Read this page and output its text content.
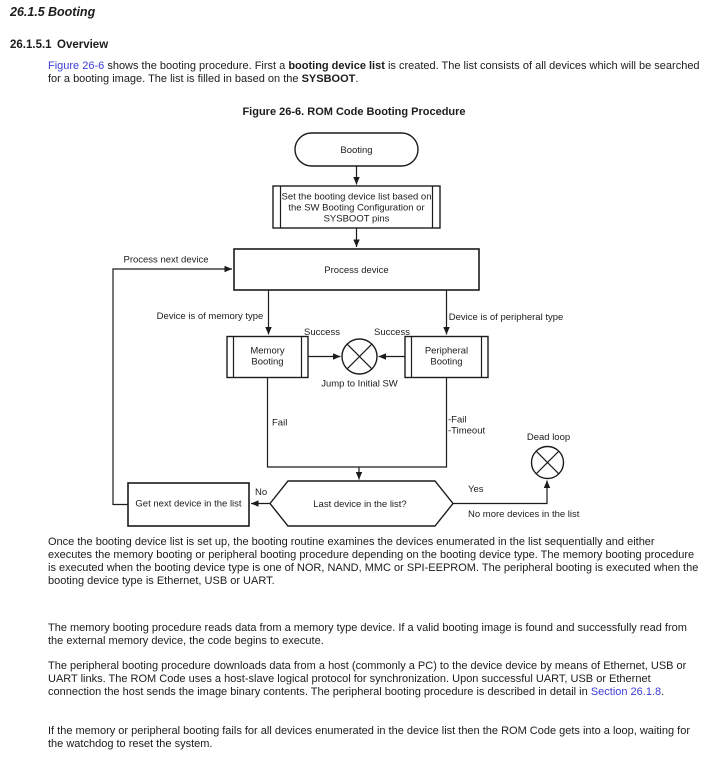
26.1.5 Booting
26.1.5.1 Overview
Figure 26-6 shows the booting procedure. First a booting device list is created. The list consists of all devices which will be searched for a booting image. The list is filled in based on the SYSBOOT.
Figure 26-6. ROM Code Booting Procedure
Booting
Set the booting device list based on
the SW Booting Configuration or
SYSBOOT pins
Process device
Memory
Booting
Peripheral
Booting
Last device in the list?
Get next device in the list
Process next device
Device is of memory type	Device is of peripheral type
Success	Success
Jump to Initial SW
Fail	-Fail
-Timeout
Dead loop
No	Yes
No more devices in the list
Once the booting device list is set up, the booting routine examines the devices enumerated in the list sequentially and either executes the memory booting or peripheral booting procedure depending on the booting device type. The memory booting procedure is executed when the booting device type is one of NOR, NAND, MMC or SPI-EEPROM. The peripheral booting is executed when the booting device type is Ethernet, USB or UART.
The memory booting procedure reads data from a memory type device. If a valid booting image is found and successfully read from the external memory device, the code begins to execute.
The peripheral booting procedure downloads data from a host (commonly a PC) to the device device by means of Ethernet, USB or UART links. The ROM Code uses a host-slave logical protocol for synchronization. Upon successful UART, USB or Ethernet connection the host sends the image binary contents. The peripheral booting procedure is described in detail in Section 26.1.8.
If the memory or peripheral booting fails for all devices enumerated in the device list then the ROM Code gets into a loop, waiting for the watchdog to reset the system.
